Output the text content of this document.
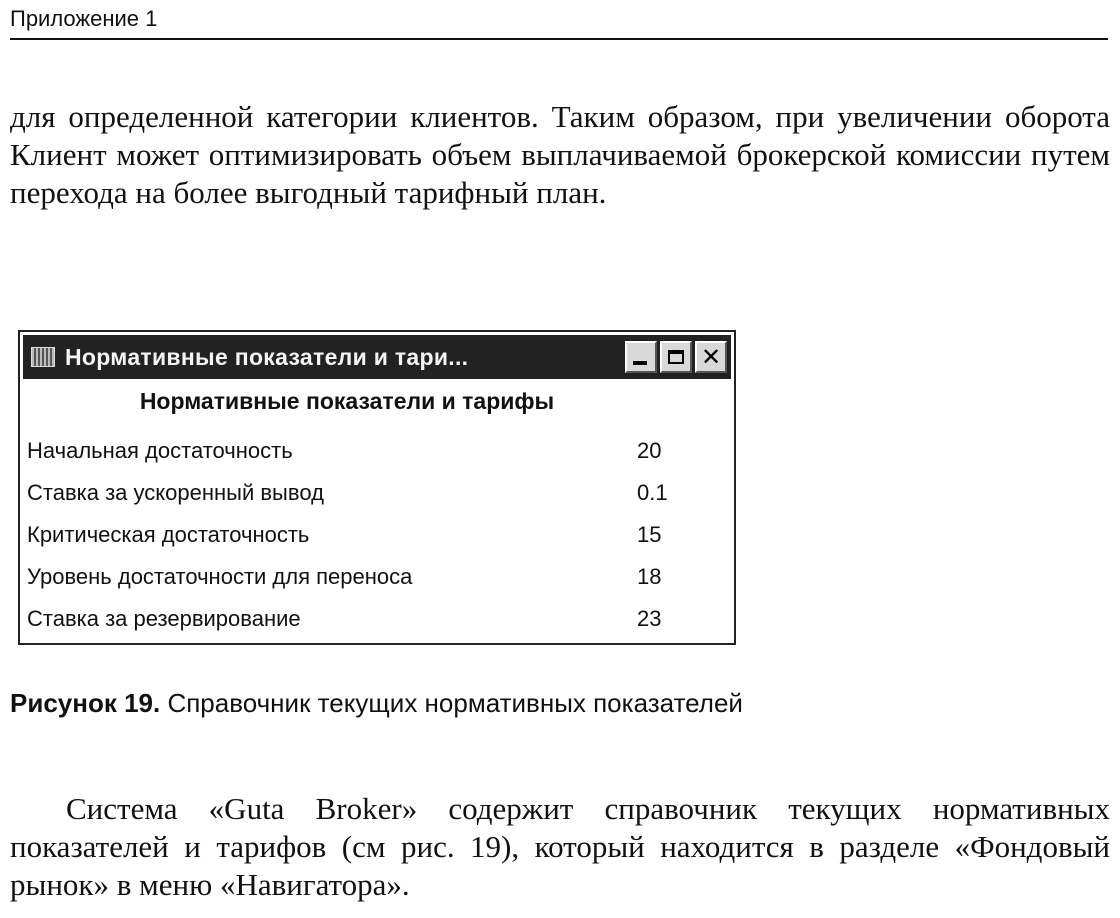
Приложение 1

для определенной категории клиентов. Таким образом, при увеличении оборота Клиент может оптимизировать объем выплачиваемой брокерской комиссии путем перехода на более выгодный тарифный план.

Нормативные показатели и тари...	✕
Нормативные показатели и тарифы
Начальная достаточность	20
Ставка за ускоренный вывод	0.1
Критическая достаточность	15
Уровень достаточности для переноса	18
Ставка за резервирование	23
Рисунок 19. Справочник текущих нормативных показателей

Система «Guta Broker» содержит справочник текущих нормативных показателей и тарифов (см рис. 19), который находится в разделе «Фондовый рынок» в меню «Навигатора».
